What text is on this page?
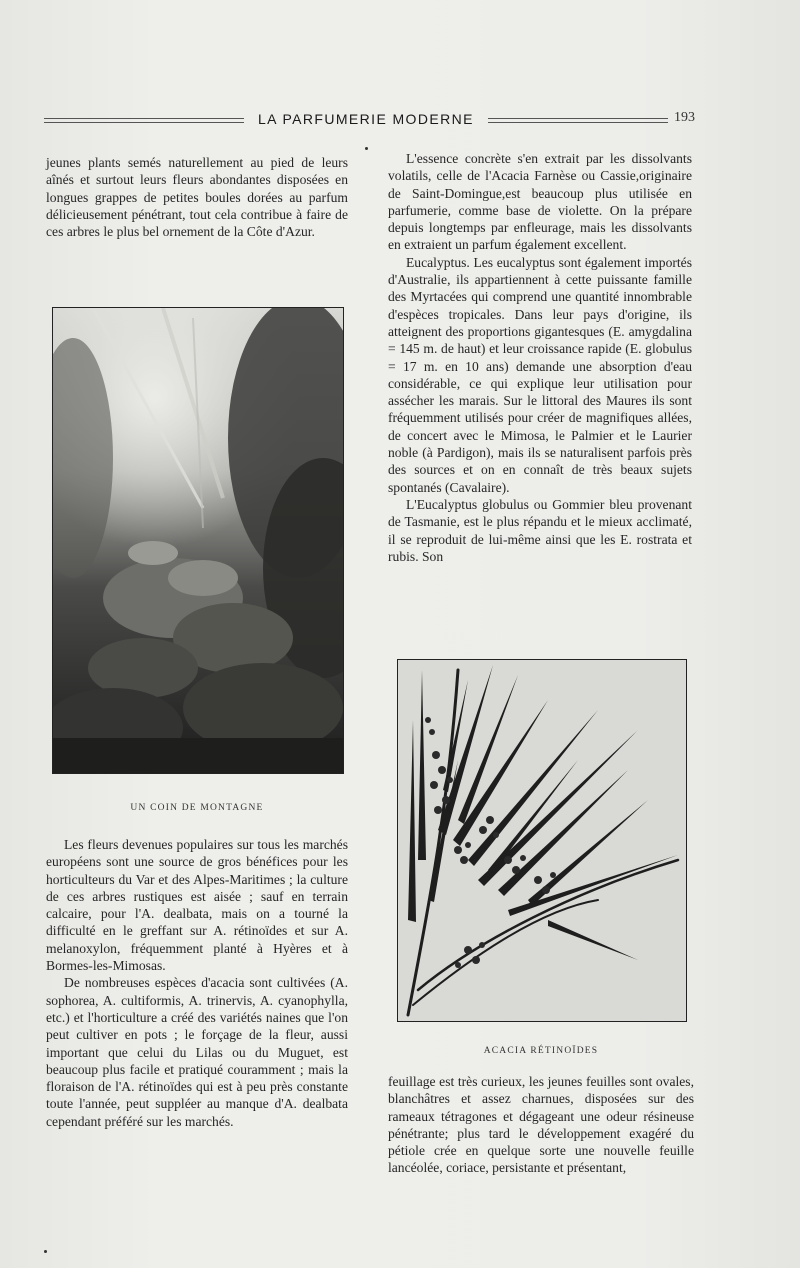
LA PARFUMERIE MODERNE	193

jeunes plants semés naturellement au pied de leurs aînés et surtout leurs fleurs abondantes disposées en longues grappes de petites boules dorées au parfum délicieusement pénétrant, tout cela contribue à faire de ces arbres le plus bel ornement de la Côte d'Azur.

UN COIN DE MONTAGNE

Les fleurs devenues populaires sur tous les marchés européens sont une source de gros bénéfices pour les horticulteurs du Var et des Alpes-Maritimes ; la culture de ces arbres rustiques est aisée ; sauf en terrain calcaire, pour l'A. dealbata, mais on a tourné la difficulté en le greffant sur A. rétinoïdes et sur A. melanoxylon, fréquemment planté à Hyères et à Bormes-les-Mimosas.

De nombreuses espèces d'acacia sont cultivées (A. sophorea, A. cultiformis, A. trinervis, A. cyanophylla, etc.) et l'horticulture a créé des variétés naines que l'on peut cultiver en pots ; le forçage de la fleur, aussi important que celui du Lilas ou du Muguet, est beaucoup plus facile et pratiqué couramment ; mais la floraison de l'A. rétinoïdes qui est à peu près constante toute l'année, peut suppléer au manque d'A. dealbata cependant préféré sur les marchés.

L'essence concrète s'en extrait par les dissolvants volatils, celle de l'Acacia Farnèse ou Cassie,originaire de Saint-Domingue,est beaucoup plus utilisée en parfumerie, comme base de violette. On la prépare depuis longtemps par enfleurage, mais les dissolvants en extraient un parfum également excellent.

Eucalyptus. Les eucalyptus sont également importés d'Australie, ils appartiennent à cette puissante famille des Myrtacées qui comprend une quantité innombrable d'espèces tropicales. Dans leur pays d'origine, ils atteignent des proportions gigantesques (E. amygdalina = 145 m. de haut) et leur croissance rapide (E. globulus = 17 m. en 10 ans) demande une absorption d'eau considérable, ce qui explique leur utilisation pour assécher les marais. Sur le littoral des Maures ils sont fréquemment utilisés pour créer de magnifiques allées, de concert avec le Mimosa, le Palmier et le Laurier noble (à Pardigon), mais ils se naturalisent parfois près des sources et on en connaît de très beaux sujets spontanés (Cavalaire).

L'Eucalyptus globulus ou Gommier bleu provenant de Tasmanie, est le plus répandu et le mieux acclimaté, il se reproduit de lui-même ainsi que les E. rostrata et rubis. Son

ACACIA RÉTINOÏDES

feuillage est très curieux, les jeunes feuilles sont ovales, blanchâtres et assez charnues, disposées sur des rameaux tétragones et dégageant une odeur résineuse pénétrante; plus tard le développement exagéré du pétiole crée en quelque sorte une nouvelle feuille lancéolée, coriace, persistante et présentant,
